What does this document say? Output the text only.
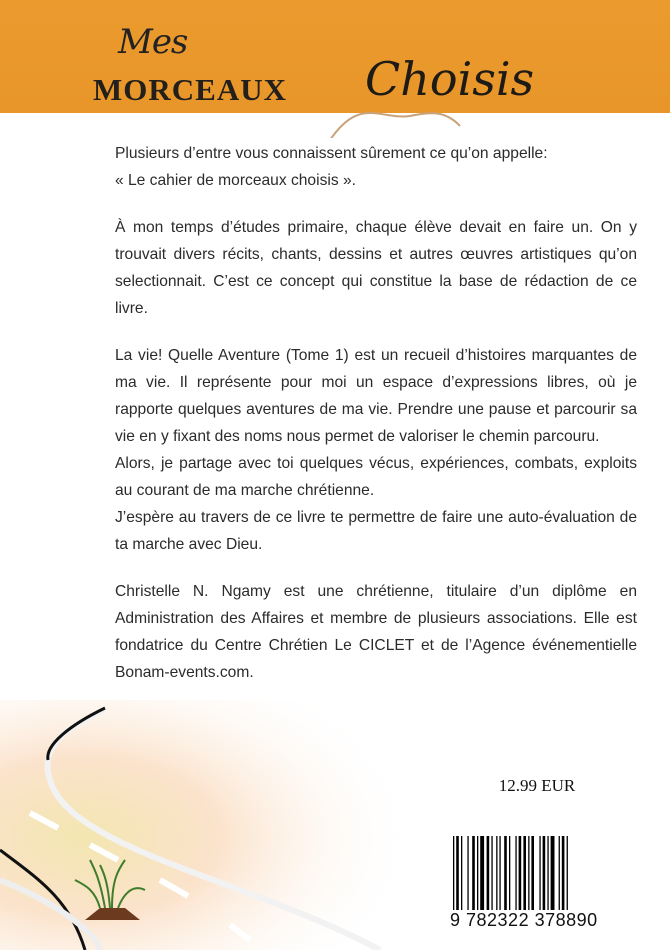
Mes
MORCEAUX Choisis

Plusieurs d’entre vous connaissent sûrement ce qu’on appelle:
« Le cahier de morceaux choisis ».

À mon temps d’études primaire, chaque élève devait en faire un. On y trouvait divers récits, chants, dessins et autres œuvres artistiques qu’on selectionnait. C’est ce concept qui constitue la base de rédaction de ce livre.

La vie! Quelle Aventure (Tome 1) est un recueil d’histoires marquantes de ma vie. Il représente pour moi un espace d’expressions libres, où je rapporte quelques aventures de ma vie. Prendre une pause et parcourir sa vie en y fixant des noms nous permet de valoriser le chemin parcouru.

Alors, je partage avec toi quelques vécus, expériences, combats, exploits au courant de ma marche chrétienne.

J’espère au travers de ce livre te permettre de faire une auto-évaluation de ta marche avec Dieu.

Christelle N. Ngamy est une chrétienne, titulaire d’un diplôme en Administration des Affaires et membre de plusieurs associations. Elle est fondatrice du Centre Chrétien Le CICLET et de l’Agence événementielle Bonam-events.com.

12.99 EUR
9 782322 378890
